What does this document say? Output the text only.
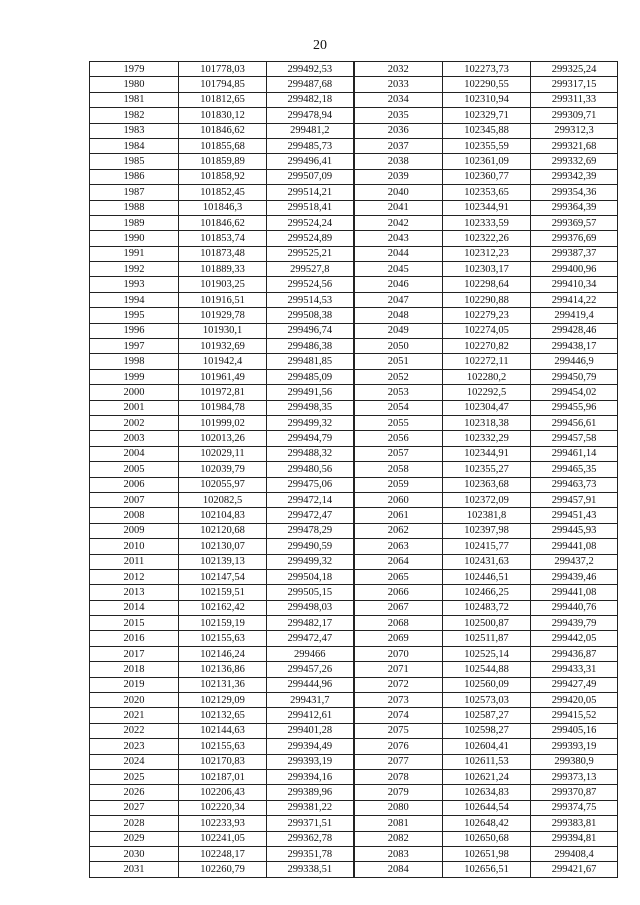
20
1979	101778,03	299492,53	2032	102273,73	299325,24
1980	101794,85	299487,68	2033	102290,55	299317,15
1981	101812,65	299482,18	2034	102310,94	299311,33
1982	101830,12	299478,94	2035	102329,71	299309,71
1983	101846,62	299481,2	2036	102345,88	299312,3
1984	101855,68	299485,73	2037	102355,59	299321,68
1985	101859,89	299496,41	2038	102361,09	299332,69
1986	101858,92	299507,09	2039	102360,77	299342,39
1987	101852,45	299514,21	2040	102353,65	299354,36
1988	101846,3	299518,41	2041	102344,91	299364,39
1989	101846,62	299524,24	2042	102333,59	299369,57
1990	101853,74	299524,89	2043	102322,26	299376,69
1991	101873,48	299525,21	2044	102312,23	299387,37
1992	101889,33	299527,8	2045	102303,17	299400,96
1993	101903,25	299524,56	2046	102298,64	299410,34
1994	101916,51	299514,53	2047	102290,88	299414,22
1995	101929,78	299508,38	2048	102279,23	299419,4
1996	101930,1	299496,74	2049	102274,05	299428,46
1997	101932,69	299486,38	2050	102270,82	299438,17
1998	101942,4	299481,85	2051	102272,11	299446,9
1999	101961,49	299485,09	2052	102280,2	299450,79
2000	101972,81	299491,56	2053	102292,5	299454,02
2001	101984,78	299498,35	2054	102304,47	299455,96
2002	101999,02	299499,32	2055	102318,38	299456,61
2003	102013,26	299494,79	2056	102332,29	299457,58
2004	102029,11	299488,32	2057	102344,91	299461,14
2005	102039,79	299480,56	2058	102355,27	299465,35
2006	102055,97	299475,06	2059	102363,68	299463,73
2007	102082,5	299472,14	2060	102372,09	299457,91
2008	102104,83	299472,47	2061	102381,8	299451,43
2009	102120,68	299478,29	2062	102397,98	299445,93
2010	102130,07	299490,59	2063	102415,77	299441,08
2011	102139,13	299499,32	2064	102431,63	299437,2
2012	102147,54	299504,18	2065	102446,51	299439,46
2013	102159,51	299505,15	2066	102466,25	299441,08
2014	102162,42	299498,03	2067	102483,72	299440,76
2015	102159,19	299482,17	2068	102500,87	299439,79
2016	102155,63	299472,47	2069	102511,87	299442,05
2017	102146,24	299466	2070	102525,14	299436,87
2018	102136,86	299457,26	2071	102544,88	299433,31
2019	102131,36	299444,96	2072	102560,09	299427,49
2020	102129,09	299431,7	2073	102573,03	299420,05
2021	102132,65	299412,61	2074	102587,27	299415,52
2022	102144,63	299401,28	2075	102598,27	299405,16
2023	102155,63	299394,49	2076	102604,41	299393,19
2024	102170,83	299393,19	2077	102611,53	299380,9
2025	102187,01	299394,16	2078	102621,24	299373,13
2026	102206,43	299389,96	2079	102634,83	299370,87
2027	102220,34	299381,22	2080	102644,54	299374,75
2028	102233,93	299371,51	2081	102648,42	299383,81
2029	102241,05	299362,78	2082	102650,68	299394,81
2030	102248,17	299351,78	2083	102651,98	299408,4
2031	102260,79	299338,51	2084	102656,51	299421,67
